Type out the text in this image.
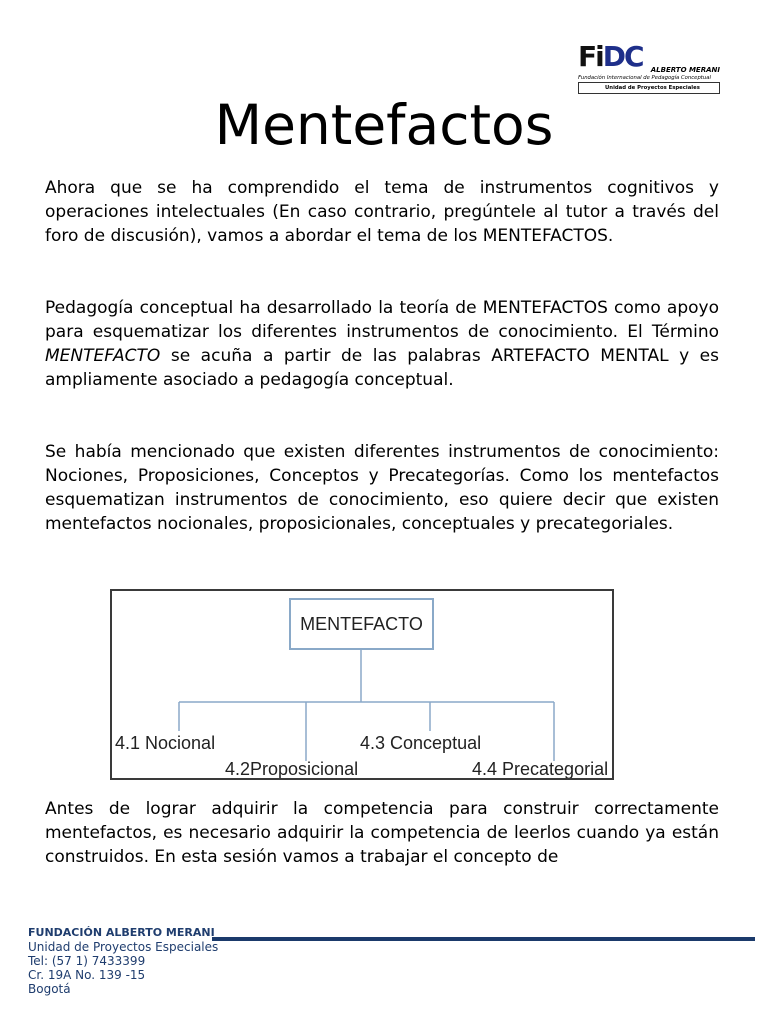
FiDC ALBERTO MERANI
Fundación Internacional de Pedagogía Conceptual
Unidad de Proyectos Especiales
Mentefactos

Ahora que se ha comprendido el tema de instrumentos cognitivos y operaciones intelectuales (En caso contrario, pregúntele al tutor a través del foro de discusión), vamos a abordar el tema de los MENTEFACTOS.

Pedagogía conceptual ha desarrollado la teoría de MENTEFACTOS como apoyo para esquematizar los diferentes instrumentos de conocimiento. El Término MENTEFACTO se acuña a partir de las palabras ARTEFACTO MENTAL y es ampliamente asociado a pedagogía conceptual.

Se había mencionado que existen diferentes instrumentos de conocimiento: Nociones, Proposiciones, Conceptos y Precategorías. Como los mentefactos esquematizan instrumentos de conocimiento, eso quiere decir que existen mentefactos nocionales, proposicionales, conceptuales y precategoriales.

MENTEFACTO
4.1 Nocional
4.2Proposicional
4.3 Conceptual
4.4 Precategorial

Antes de lograr adquirir la competencia para construir correctamente mentefactos, es necesario adquirir la competencia de leerlos cuando ya están construidos. En esta sesión vamos a trabajar el concepto de

FUNDACIÓN ALBERTO MERANI
Unidad de Proyectos Especiales
Tel: (57 1) 7433399
Cr. 19A No. 139 -15
Bogotá
